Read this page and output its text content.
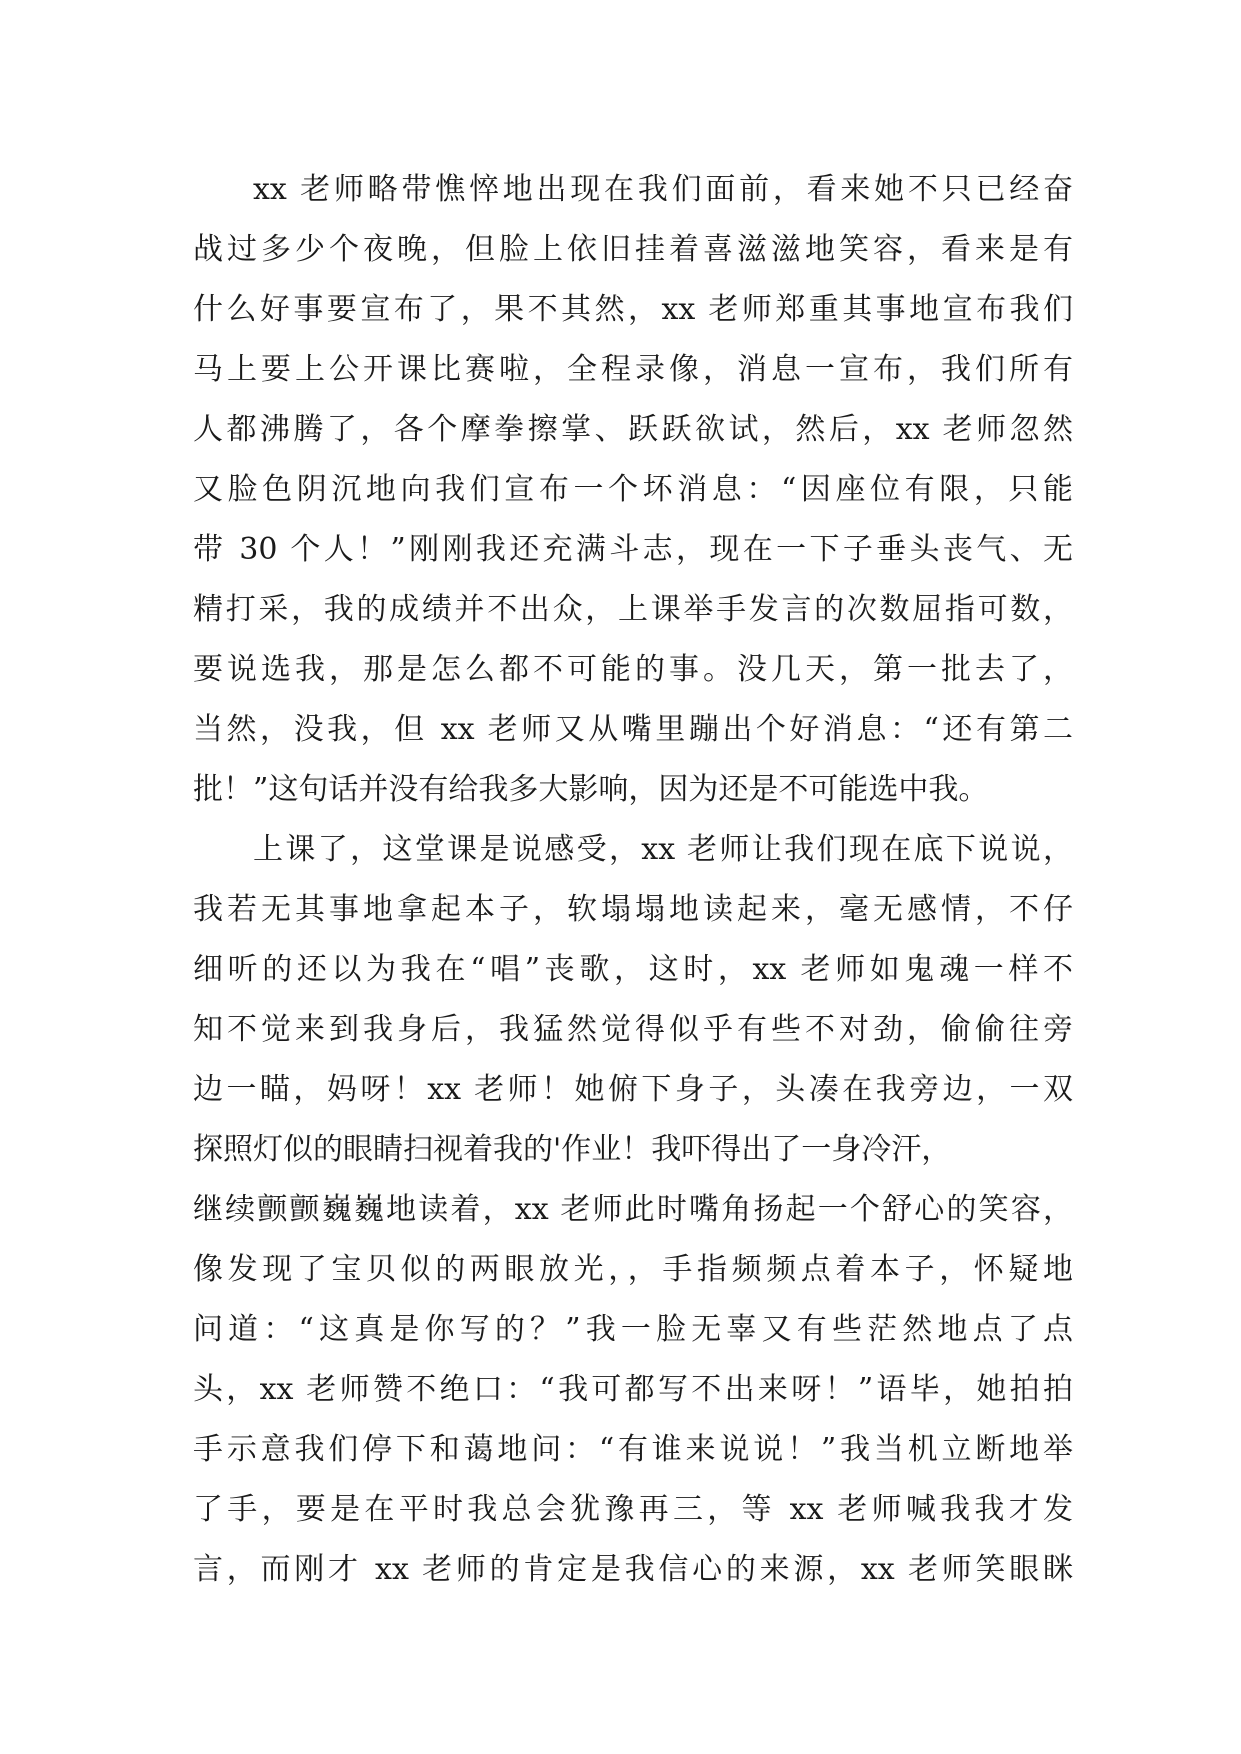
xx 老师略带憔悴地出现在我们面前，看来她不只已经奋
战过多少个夜晚，但脸上依旧挂着喜滋滋地笑容，看来是有
什么好事要宣布了，果不其然，xx 老师郑重其事地宣布我们
马上要上公开课比赛啦，全程录像，消息一宣布，我们所有
人都沸腾了，各个摩拳擦掌、跃跃欲试，然后，xx 老师忽然
又脸色阴沉地向我们宣布一个坏消息：“因座位有限，只能
带 30 个人！”刚刚我还充满斗志，现在一下子垂头丧气、无
精打采，我的成绩并不出众，上课举手发言的次数屈指可数，
要说选我，那是怎么都不可能的事。没几天，第一批去了，
当然，没我，但 xx 老师又从嘴里蹦出个好消息：“还有第二
批！”这句话并没有给我多大影响，因为还是不可能选中我。
上课了，这堂课是说感受，xx 老师让我们现在底下说说，
我若无其事地拿起本子，软塌塌地读起来，毫无感情，不仔
细听的还以为我在“唱”丧歌，这时，xx 老师如鬼魂一样不
知不觉来到我身后，我猛然觉得似乎有些不对劲，偷偷往旁
边一瞄，妈呀！xx 老师！她俯下身子，头凑在我旁边，一双
探照灯似的眼睛扫视着我的'作业！我吓得出了一身冷汗，
继续颤颤巍巍地读着，xx 老师此时嘴角扬起一个舒心的笑容，
像发现了宝贝似的两眼放光，，手指频频点着本子，怀疑地
问道：“这真是你写的？”我一脸无辜又有些茫然地点了点
头，xx 老师赞不绝口：“我可都写不出来呀！”语毕，她拍拍
手示意我们停下和蔼地问：“有谁来说说！”我当机立断地举
了手，要是在平时我总会犹豫再三，等 xx 老师喊我我才发
言，而刚才 xx 老师的肯定是我信心的来源，xx 老师笑眼眯
